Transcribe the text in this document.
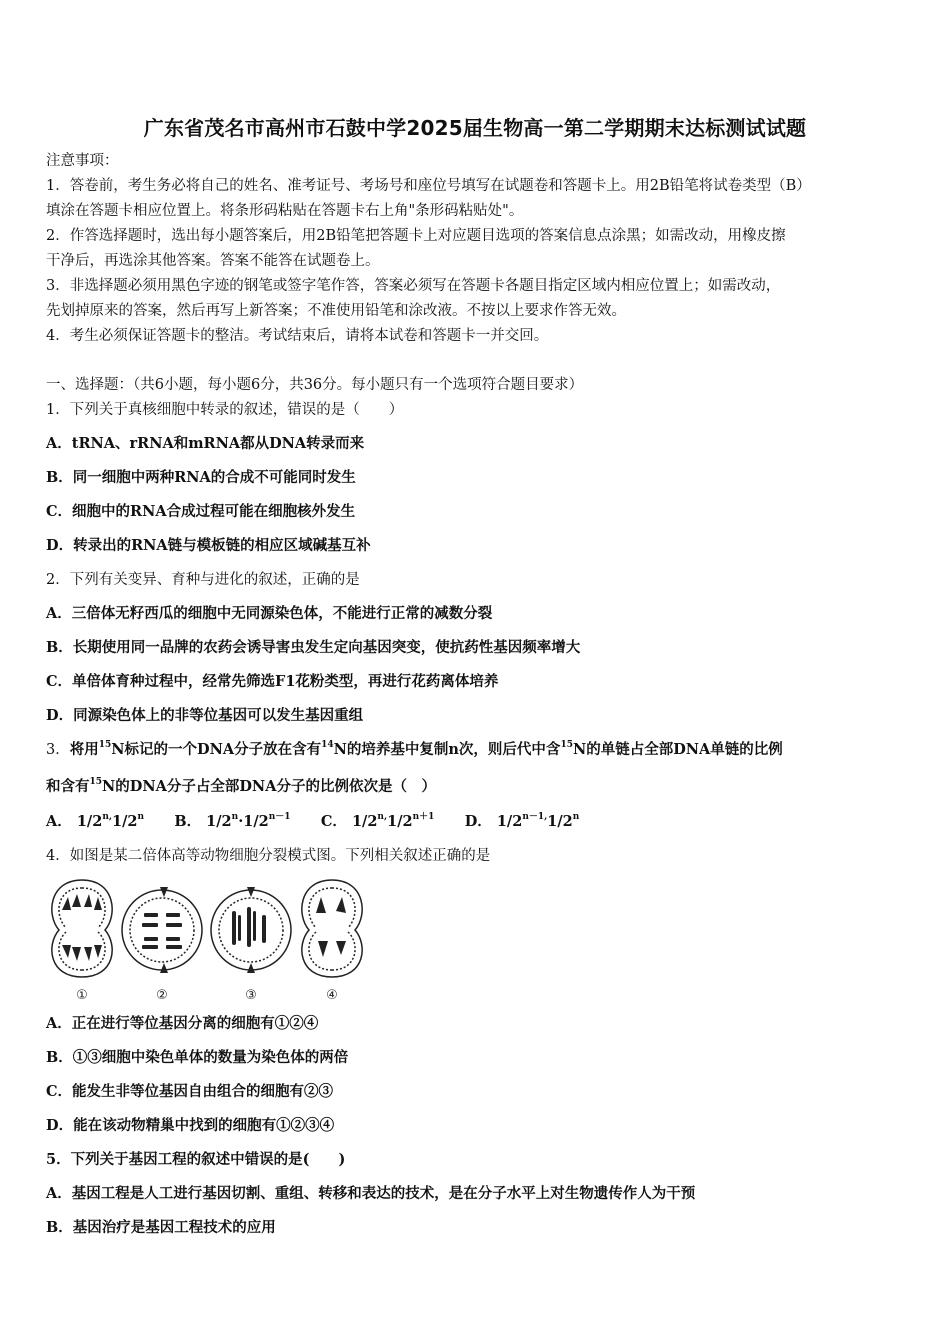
广东省茂名市高州市石鼓中学2025届生物高一第二学期期末达标测试试题
注意事项：
1．答卷前，考生务必将自己的姓名、准考证号、考场号和座位号填写在试题卷和答题卡上。用2B铅笔将试卷类型（B）
填涂在答题卡相应位置上。将条形码粘贴在答题卡右上角"条形码粘贴处"。
2．作答选择题时，选出每小题答案后，用2B铅笔把答题卡上对应题目选项的答案信息点涂黑；如需改动，用橡皮擦
干净后，再选涂其他答案。答案不能答在试题卷上。
3．非选择题必须用黑色字迹的钢笔或签字笔作答，答案必须写在答题卡各题目指定区域内相应位置上；如需改动，
先划掉原来的答案，然后再写上新答案；不准使用铅笔和涂改液。不按以上要求作答无效。
4．考生必须保证答题卡的整洁。考试结束后，请将本试卷和答题卡一并交回。
一、选择题：（共6小题，每小题6分，共36分。每小题只有一个选项符合题目要求）
1．下列关于真核细胞中转录的叙述，错误的是（　　）
A．tRNA、rRNA和mRNA都从DNA转录而来
B．同一细胞中两种RNA的合成不可能同时发生
C．细胞中的RNA合成过程可能在细胞核外发生
D．转录出的RNA链与模板链的相应区域碱基互补
2．下列有关变异、育种与进化的叙述，正确的是
A．三倍体无籽西瓜的细胞中无同源染色体，不能进行正常的减数分裂
B．长期使用同一品牌的农药会诱导害虫发生定向基因突变，使抗药性基因频率增大
C．单倍体育种过程中，经常先筛选F1花粉类型，再进行花药离体培养
D．同源染色体上的非等位基因可以发生基因重组
3．将用$^{15}$N标记的一个DNA分子放在含有$^{14}$N的培养基中复制n次，则后代中含$^{15}$N的单链占全部DNA单链的比例
和含有$^{15}$N的DNA分子占全部DNA分子的比例依次是（　）
A． $1/2^{n,}1/2^n$ B． $1/2^n\cdot 1/2^{n-1}$ C． $1/2^{n,}1/2^{n+1}$ D． $1/2^{n-1,}1/2^n$
4．如图是某二倍体高等动物细胞分裂模式图。下列相关叙述正确的是
①	②	③	④
A．正在进行等位基因分离的细胞有①②④
B．①③细胞中染色单体的数量为染色体的两倍
C．能发生非等位基因自由组合的细胞有②③
D．能在该动物精巢中找到的细胞有①②③④
5．下列关于基因工程的叙述中错误的是(　　)
A．基因工程是人工进行基因切割、重组、转移和表达的技术，是在分子水平上对生物遗传作人为干预
B．基因治疗是基因工程技术的应用
